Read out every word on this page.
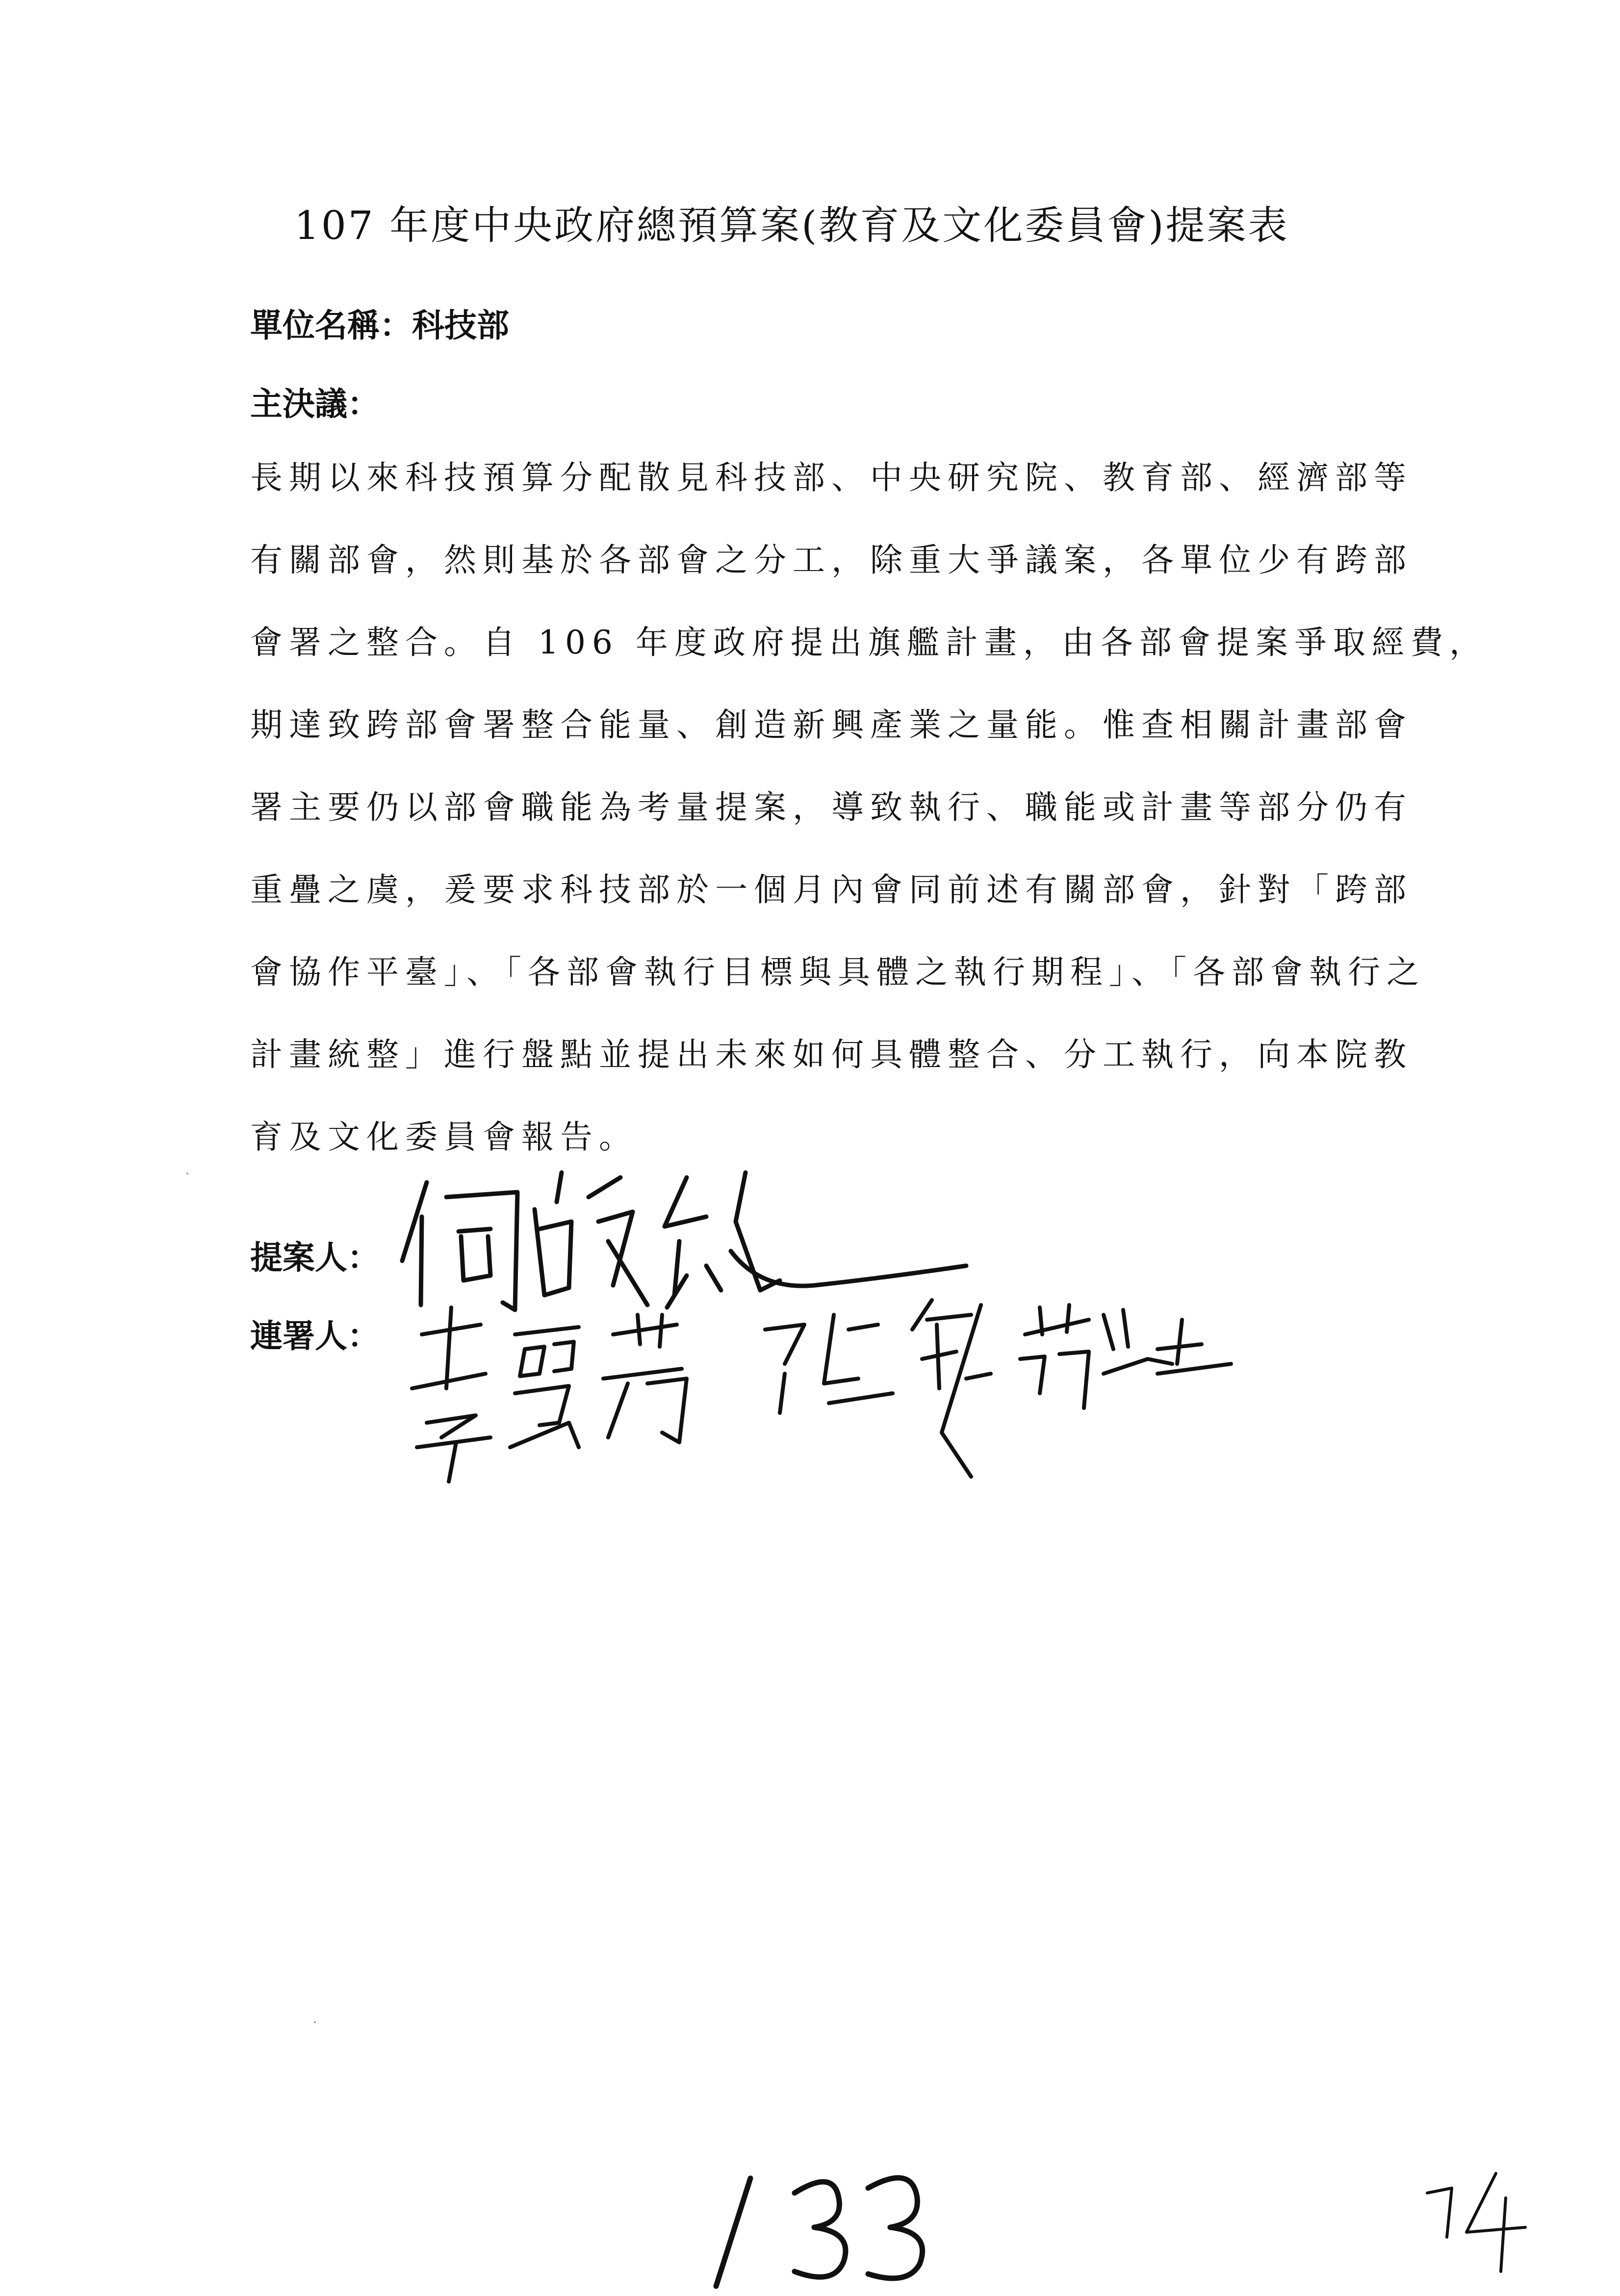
107 年度中央政府總預算案(教育及文化委員會)提案表
單位名稱：科技部
主決議：
長期以來科技預算分配散見科技部、中央研究院、教育部、經濟部等
有關部會，然則基於各部會之分工，除重大爭議案，各單位少有跨部
會署之整合。自 106 年度政府提出旗艦計畫，由各部會提案爭取經費，
期達致跨部會署整合能量、創造新興產業之量能。惟查相關計畫部會
署主要仍以部會職能為考量提案，導致執行、職能或計畫等部分仍有
重疊之虞，爰要求科技部於一個月內會同前述有關部會，針對「跨部
會協作平臺」、「各部會執行目標與具體之執行期程」、「各部會執行之
計畫統整」進行盤點並提出未來如何具體整合、分工執行，向本院教
育及文化委員會報告。
提案人：
連署人：
